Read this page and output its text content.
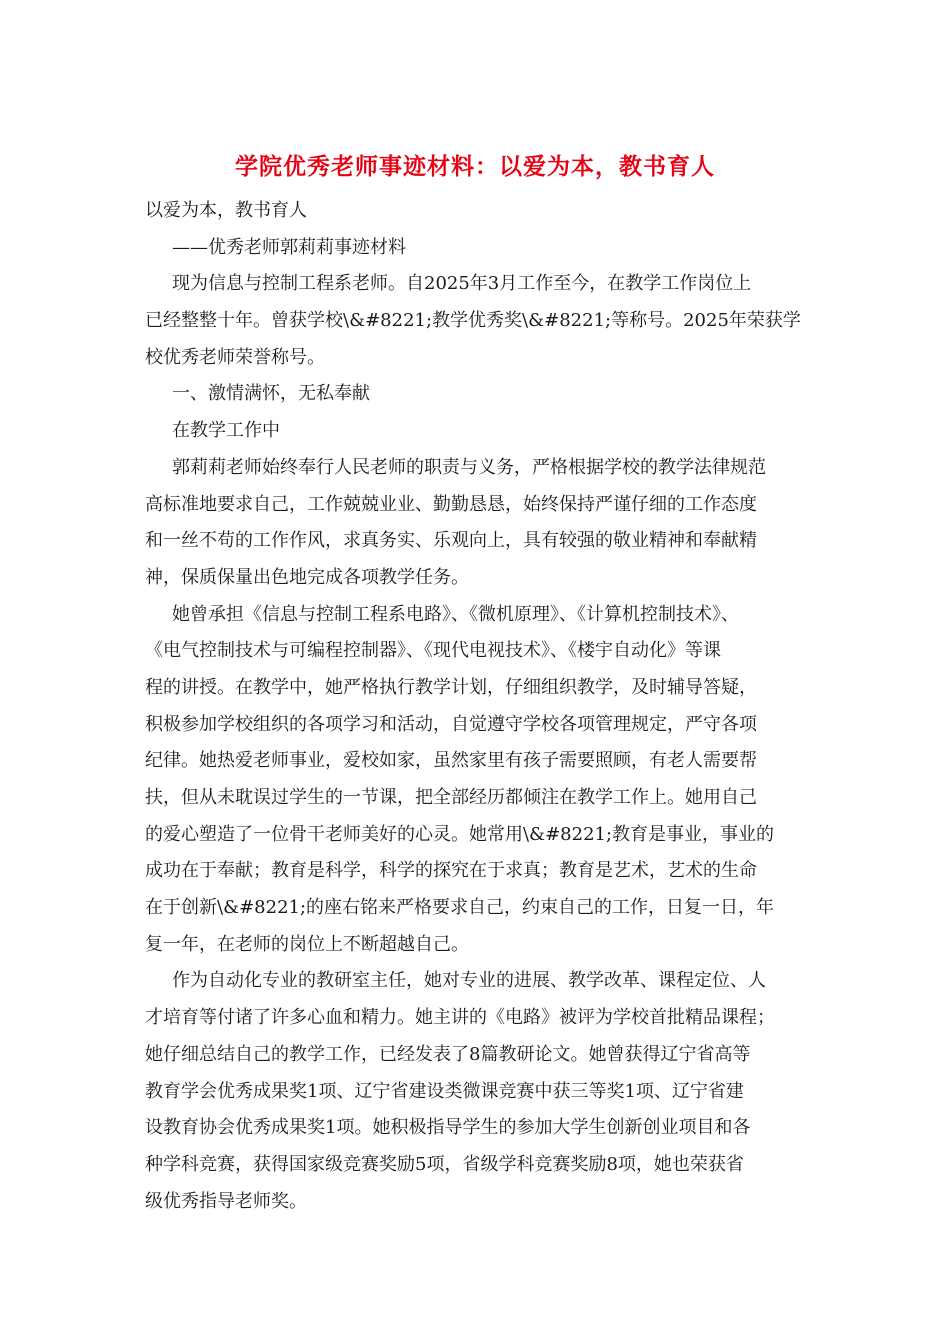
学院优秀老师事迹材料：以爱为本，教书育人
以爱为本，教书育人
——优秀老师郭莉莉事迹材料
现为信息与控制工程系老师。自2025年3月工作至今，在教学工作岗位上
已经整整十年。曾获学校\&#8221;教学优秀奖\&#8221;等称号。2025年荣获学
校优秀老师荣誉称号。
一、激情满怀，无私奉献
在教学工作中
郭莉莉老师始终奉行人民老师的职责与义务，严格根据学校的教学法律规范
高标准地要求自己，工作兢兢业业、勤勤恳恳，始终保持严谨仔细的工作态度
和一丝不苟的工作作风，求真务实、乐观向上，具有较强的敬业精神和奉献精
神，保质保量出色地完成各项教学任务。
她曾承担《信息与控制工程系电路》、《微机原理》、《计算机控制技术》、
《电气控制技术与可编程控制器》、《现代电视技术》、《楼宇自动化》等课
程的讲授。在教学中，她严格执行教学计划，仔细组织教学，及时辅导答疑，
积极参加学校组织的各项学习和活动，自觉遵守学校各项管理规定，严守各项
纪律。她热爱老师事业，爱校如家，虽然家里有孩子需要照顾，有老人需要帮
扶，但从未耽误过学生的一节课，把全部经历都倾注在教学工作上。她用自己
的爱心塑造了一位骨干老师美好的心灵。她常用\&#8221;教育是事业，事业的
成功在于奉献；教育是科学，科学的探究在于求真；教育是艺术，艺术的生命
在于创新\&#8221;的座右铭来严格要求自己，约束自己的工作，日复一日，年
复一年，在老师的岗位上不断超越自己。
作为自动化专业的教研室主任，她对专业的进展、教学改革、课程定位、人
才培育等付诸了许多心血和精力。她主讲的《电路》被评为学校首批精品课程；
她仔细总结自己的教学工作，已经发表了8篇教研论文。她曾获得辽宁省高等
教育学会优秀成果奖1项、辽宁省建设类微课竞赛中获三等奖1项、辽宁省建
设教育协会优秀成果奖1项。她积极指导学生的参加大学生创新创业项目和各
种学科竞赛，获得国家级竞赛奖励5项，省级学科竞赛奖励8项，她也荣获省
级优秀指导老师奖。
